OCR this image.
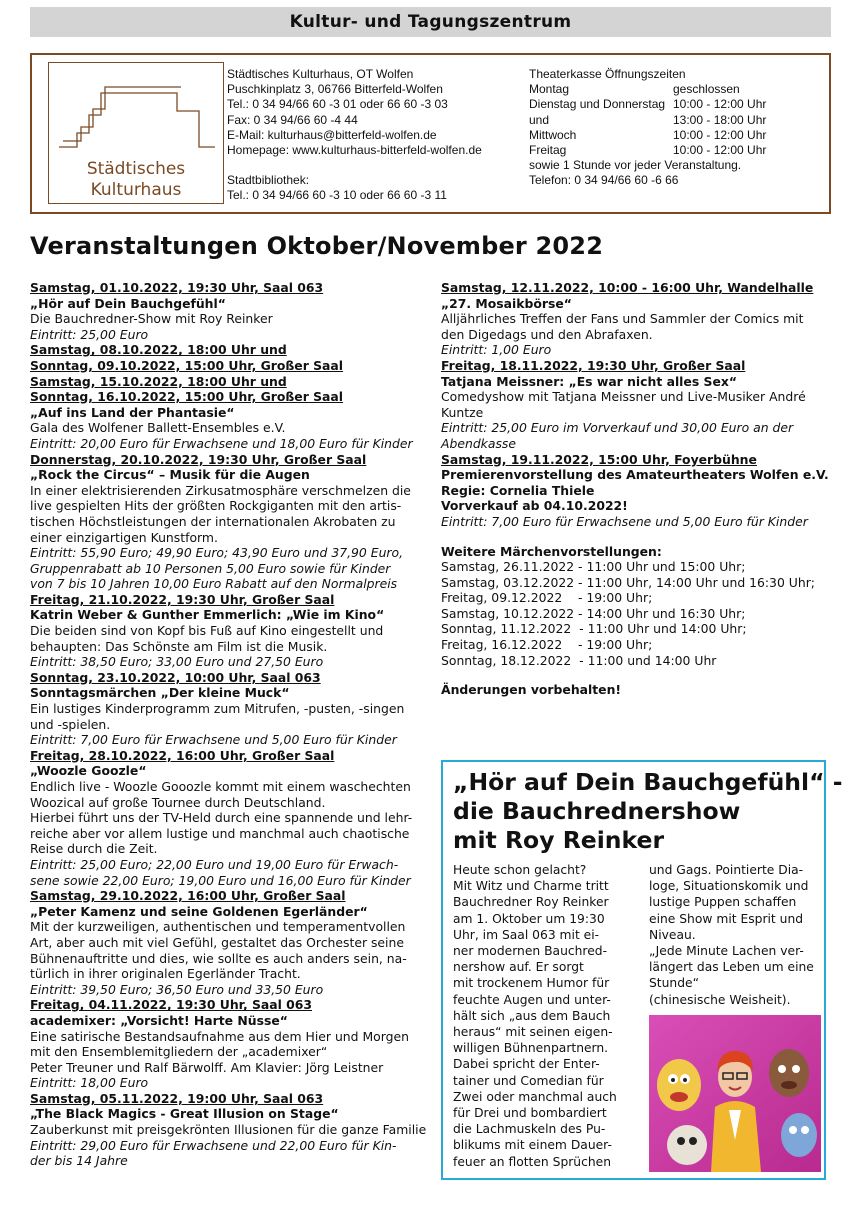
Kultur- und Tagungszentrum
Städtisches
Kulturhaus
Städtisches Kulturhaus, OT Wolfen
Puschkinplatz 3, 06766 Bitterfeld-Wolfen
Tel.: 0 34 94/66 60 -3 01 oder 66 60 -3 03
Fax: 0 34 94/66 60 -4 44
E-Mail: kulturhaus@bitterfeld-wolfen.de
Homepage: www.kulturhaus-bitterfeld-wolfen.de
Stadtbibliothek:
Tel.: 0 34 94/66 60 -3 10 oder 66 60 -3 11
Theaterkasse Öffnungszeiten
Montag	geschlossen
Dienstag und Donnerstag 10:00 - 12:00 Uhr
und	13:00 - 18:00 Uhr
Mittwoch	10:00 - 12:00 Uhr
Freitag	10:00 - 12:00 Uhr
sowie 1 Stunde vor jeder Veranstaltung.
Telefon: 0 34 94/66 60 -6 66
Veranstaltungen Oktober/November 2022
Samstag, 01.10.2022, 19:30 Uhr, Saal 063
„Hör auf Dein Bauchgefühl“
Die Bauchredner-Show mit Roy Reinker
Eintritt: 25,00 Euro
Samstag, 08.10.2022, 18:00 Uhr und
Sonntag, 09.10.2022, 15:00 Uhr, Großer Saal
Samstag, 15.10.2022, 18:00 Uhr und
Sonntag, 16.10.2022, 15:00 Uhr, Großer Saal
„Auf ins Land der Phantasie“
Gala des Wolfener Ballett-Ensembles e.V.
Eintritt: 20,00 Euro für Erwachsene und 18,00 Euro für Kinder
Donnerstag, 20.10.2022, 19:30 Uhr, Großer Saal
„Rock the Circus“ – Musik für die Augen
In einer elektrisierenden Zirkusatmosphäre verschmelzen die
live gespielten Hits der größten Rockgiganten mit den artis-
tischen Höchstleistungen der internationalen Akrobaten zu
einer einzigartigen Kunstform.
Eintritt: 55,90 Euro; 49,90 Euro; 43,90 Euro und 37,90 Euro,
Gruppenrabatt ab 10 Personen 5,00 Euro sowie für Kinder
von 7 bis 10 Jahren 10,00 Euro Rabatt auf den Normalpreis
Freitag, 21.10.2022, 19:30 Uhr, Großer Saal
Katrin Weber & Gunther Emmerlich: „Wie im Kino“
Die beiden sind von Kopf bis Fuß auf Kino eingestellt und
behaupten: Das Schönste am Film ist die Musik.
Eintritt: 38,50 Euro; 33,00 Euro und 27,50 Euro
Sonntag, 23.10.2022, 10:00 Uhr, Saal 063
Sonntagsmärchen „Der kleine Muck“
Ein lustiges Kinderprogramm zum Mitrufen, -pusten, -singen
und -spielen.
Eintritt: 7,00 Euro für Erwachsene und 5,00 Euro für Kinder
Freitag, 28.10.2022, 16:00 Uhr, Großer Saal
„Woozle Goozle“
Endlich live - Woozle Gooozle kommt mit einem waschechten
Woozical auf große Tournee durch Deutschland.
Hierbei führt uns der TV-Held durch eine spannende und lehr-
reiche aber vor allem lustige und manchmal auch chaotische
Reise durch die Zeit.
Eintritt: 25,00 Euro; 22,00 Euro und 19,00 Euro für Erwach-
sene sowie 22,00 Euro; 19,00 Euro und 16,00 Euro für Kinder
Samstag, 29.10.2022, 16:00 Uhr, Großer Saal
„Peter Kamenz und seine Goldenen Egerländer“
Mit der kurzweiligen, authentischen und temperamentvollen
Art, aber auch mit viel Gefühl, gestaltet das Orchester seine
Bühnenauftritte und dies, wie sollte es auch anders sein, na-
türlich in ihrer originalen Egerländer Tracht.
Eintritt: 39,50 Euro; 36,50 Euro und 33,50 Euro
Freitag, 04.11.2022, 19:30 Uhr, Saal 063
academixer: „Vorsicht! Harte Nüsse“
Eine satirische Bestandsaufnahme aus dem Hier und Morgen
mit den Ensemblemitgliedern der „academixer“
Peter Treuner und Ralf Bärwolff. Am Klavier: Jörg Leistner
Eintritt: 18,00 Euro
Samstag, 05.11.2022, 19:00 Uhr, Saal 063
„The Black Magics - Great Illusion on Stage“
Zauberkunst mit preisgekrönten Illusionen für die ganze Familie
Eintritt: 29,00 Euro für Erwachsene und 22,00 Euro für Kin-
der bis 14 Jahre
Samstag, 12.11.2022, 10:00 - 16:00 Uhr, Wandelhalle
„27. Mosaikbörse“
Alljährliches Treffen der Fans und Sammler der Comics mit
den Digedags und den Abrafaxen.
Eintritt: 1,00 Euro
Freitag, 18.11.2022, 19:30 Uhr, Großer Saal
Tatjana Meissner: „Es war nicht alles Sex“
Comedyshow mit Tatjana Meissner und Live-Musiker André
Kuntze
Eintritt: 25,00 Euro im Vorverkauf und 30,00 Euro an der
Abendkasse
Samstag, 19.11.2022, 15:00 Uhr, Foyerbühne
Premierenvorstellung des Amateurtheaters Wolfen e.V.
Regie: Cornelia Thiele
Vorverkauf ab 04.10.2022!
Eintritt: 7,00 Euro für Erwachsene und 5,00 Euro für Kinder
Weitere Märchenvorstellungen:
Samstag, 26.11.2022 - 11:00 Uhr und 15:00 Uhr;
Samstag, 03.12.2022 - 11:00 Uhr, 14:00 Uhr und 16:30 Uhr;
Freitag, 09.12.2022    - 19:00 Uhr;
Samstag, 10.12.2022 - 14:00 Uhr und 16:30 Uhr;
Sonntag, 11.12.2022  - 11:00 Uhr und 14:00 Uhr;
Freitag, 16.12.2022    - 19:00 Uhr;
Sonntag, 18.12.2022  - 11:00 und 14:00 Uhr
Änderungen vorbehalten!
„Hör auf Dein Bauchgefühl“ -
die Bauchrednershow
mit Roy Reinker
Heute schon gelacht?
Mit Witz und Charme tritt
Bauchredner Roy Reinker
am 1. Oktober um 19:30
Uhr, im Saal 063 mit ei-
ner modernen Bauchred-
nershow auf. Er sorgt
mit trockenem Humor für
feuchte Augen und unter-
hält sich „aus dem Bauch
heraus“ mit seinen eigen-
willigen Bühnenpartnern.
Dabei spricht der Enter-
tainer und Comedian für
Zwei oder manchmal auch
für Drei und bombardiert
die Lachmuskeln des Pu-
blikums mit einem Dauer-
feuer an flotten Sprüchen
und Gags. Pointierte Dia-
loge, Situationskomik und
lustige Puppen schaffen
eine Show mit Esprit und
Niveau.
„Jede Minute Lachen ver-
längert das Leben um eine
Stunde“
(chinesische Weisheit).
